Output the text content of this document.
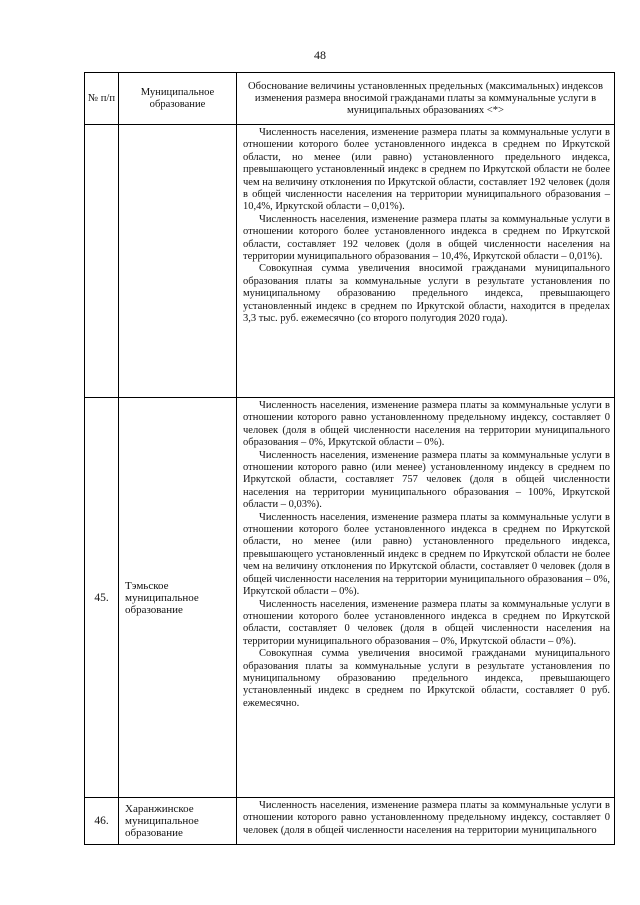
48
№ п/п	Муниципальное образование	Обоснование величины установленных предельных (максимальных) индексов изменения размера вносимой гражданами платы за коммунальные услуги в муниципальных образованиях <*>

		Численность населения, изменение размера платы за коммунальные услуги в отношении которого более установленного индекса в среднем по Иркутской области, но менее (или равно) установленного предельного индекса, превышающего установленный индекс в среднем по Иркутской области не более чем на величину отклонения по Иркутской области, составляет 192 человек (доля в общей численности населения на территории муниципального образования – 10,4%, Иркутской области – 0,01%).

Численность населения, изменение размера платы за коммунальные услуги в отношении которого более установленного индекса в среднем по Иркутской области, составляет 192 человек (доля в общей численности населения на территории муниципального образования – 10,4%, Иркутской области – 0,01%).

Совокупная сумма увеличения вносимой гражданами муниципального образования платы за коммунальные услуги в результате установления по муниципальному образованию предельного индекса, превышающего установленный индекс в среднем по Иркутской области, находится в пределах 3,3 тыс. руб. ежемесячно (со второго полугодия 2020 года).

45.	Тэмьское муниципальное образование	Численность населения, изменение размера платы за коммунальные услуги в отношении которого равно установленному предельному индексу, составляет 0 человек (доля в общей численности населения на территории муниципального образования – 0%, Иркутской области – 0%).

Численность населения, изменение размера платы за коммунальные услуги в отношении которого равно (или менее) установленному индексу в среднем по Иркутской области, составляет 757 человек (доля в общей численности населения на территории муниципального образования – 100%, Иркутской области – 0,03%).

Численность населения, изменение размера платы за коммунальные услуги в отношении которого более установленного индекса в среднем по Иркутской области, но менее (или равно) установленного предельного индекса, превышающего установленный индекс в среднем по Иркутской области не более чем на величину отклонения по Иркутской области, составляет 0 человек (доля в общей численности населения на территории муниципального образования – 0%, Иркутской области – 0%).

Численность населения, изменение размера платы за коммунальные услуги в отношении которого более установленного индекса в среднем по Иркутской области, составляет 0 человек (доля в общей численности населения на территории муниципального образования – 0%, Иркутской области – 0%).

Совокупная сумма увеличения вносимой гражданами муниципального образования платы за коммунальные услуги в результате установления по муниципальному образованию предельного индекса, превышающего установленный индекс в среднем по Иркутской области, составляет 0 руб. ежемесячно.

46.	Харанжинское муниципальное образование	Численность населения, изменение размера платы за коммунальные услуги в отношении которого равно установленному предельному индексу, составляет 0 человек (доля в общей численности населения на территории муниципального
